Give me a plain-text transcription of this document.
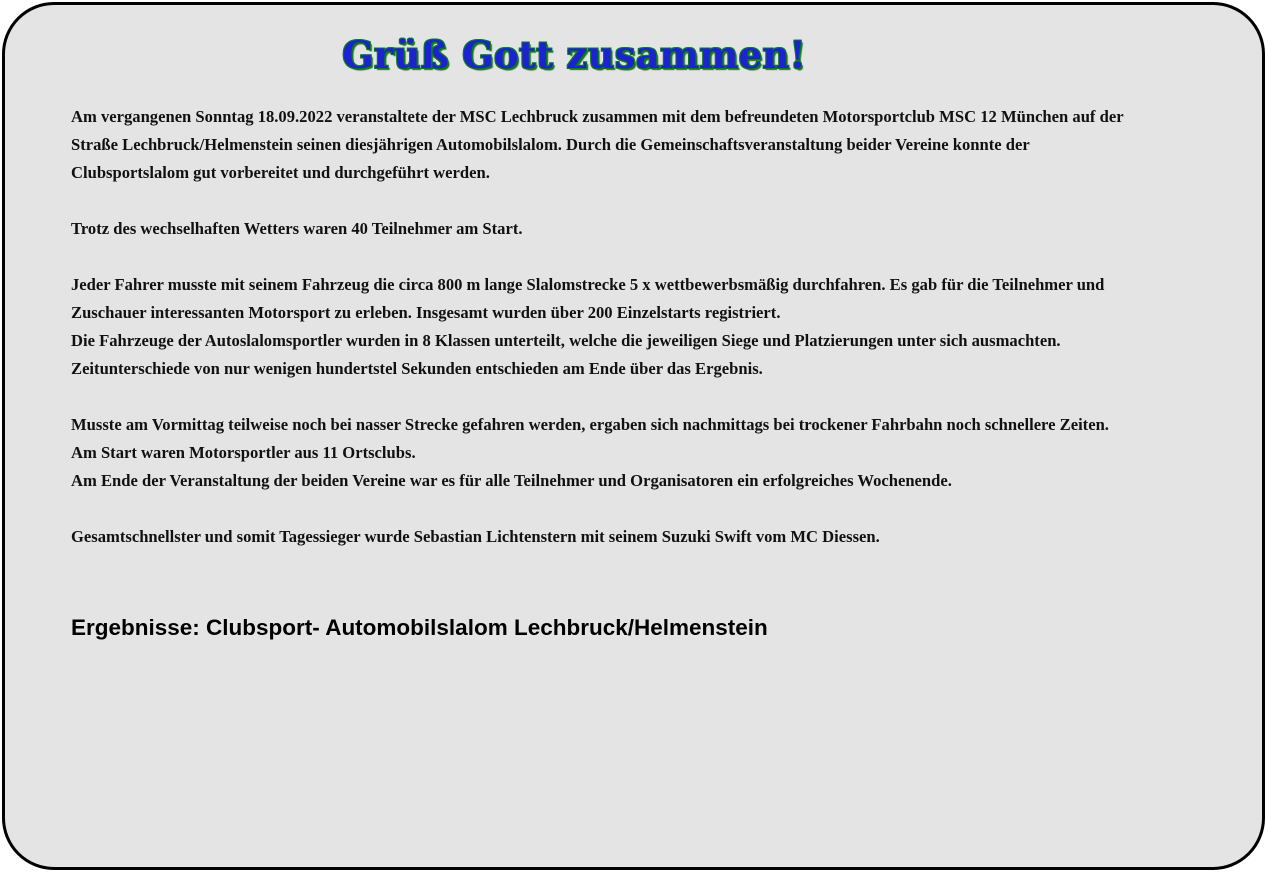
Grüß Gott zusammen!

Am vergangenen Sonntag 18.09.2022 veranstaltete der MSC Lechbruck zusammen mit dem befreundeten Motorsportclub MSC 12 München auf der Straße Lechbruck/Helmenstein seinen diesjährigen Automobilslalom. Durch die Gemeinschaftsveranstaltung beider Vereine konnte der Clubsportslalom gut vorbereitet und durchgeführt werden.

Trotz des wechselhaften Wetters waren 40 Teilnehmer am Start.

Jeder Fahrer musste mit seinem Fahrzeug die circa 800 m lange Slalomstrecke 5 x wettbewerbsmäßig durchfahren. Es gab für die Teilnehmer und Zuschauer interessanten Motorsport zu erleben. Insgesamt wurden über 200 Einzelstarts registriert.

Die Fahrzeuge der Autoslalomsportler wurden in 8 Klassen unterteilt, welche die jeweiligen Siege und Platzierungen unter sich ausmachten. Zeitunterschiede von nur wenigen hundertstel Sekunden entschieden am Ende über das Ergebnis.

Musste am Vormittag teilweise noch bei nasser Strecke gefahren werden, ergaben sich nachmittags bei trockener Fahrbahn noch schnellere Zeiten.

Am Start waren Motorsportler aus 11 Ortsclubs.

Am Ende der Veranstaltung der beiden Vereine war es für alle Teilnehmer und Organisatoren ein erfolgreiches Wochenende.

Gesamtschnellster und somit Tagessieger wurde Sebastian Lichtenstern mit seinem Suzuki Swift vom MC Diessen.

Ergebnisse: Clubsport- Automobilslalom Lechbruck/Helmenstein
